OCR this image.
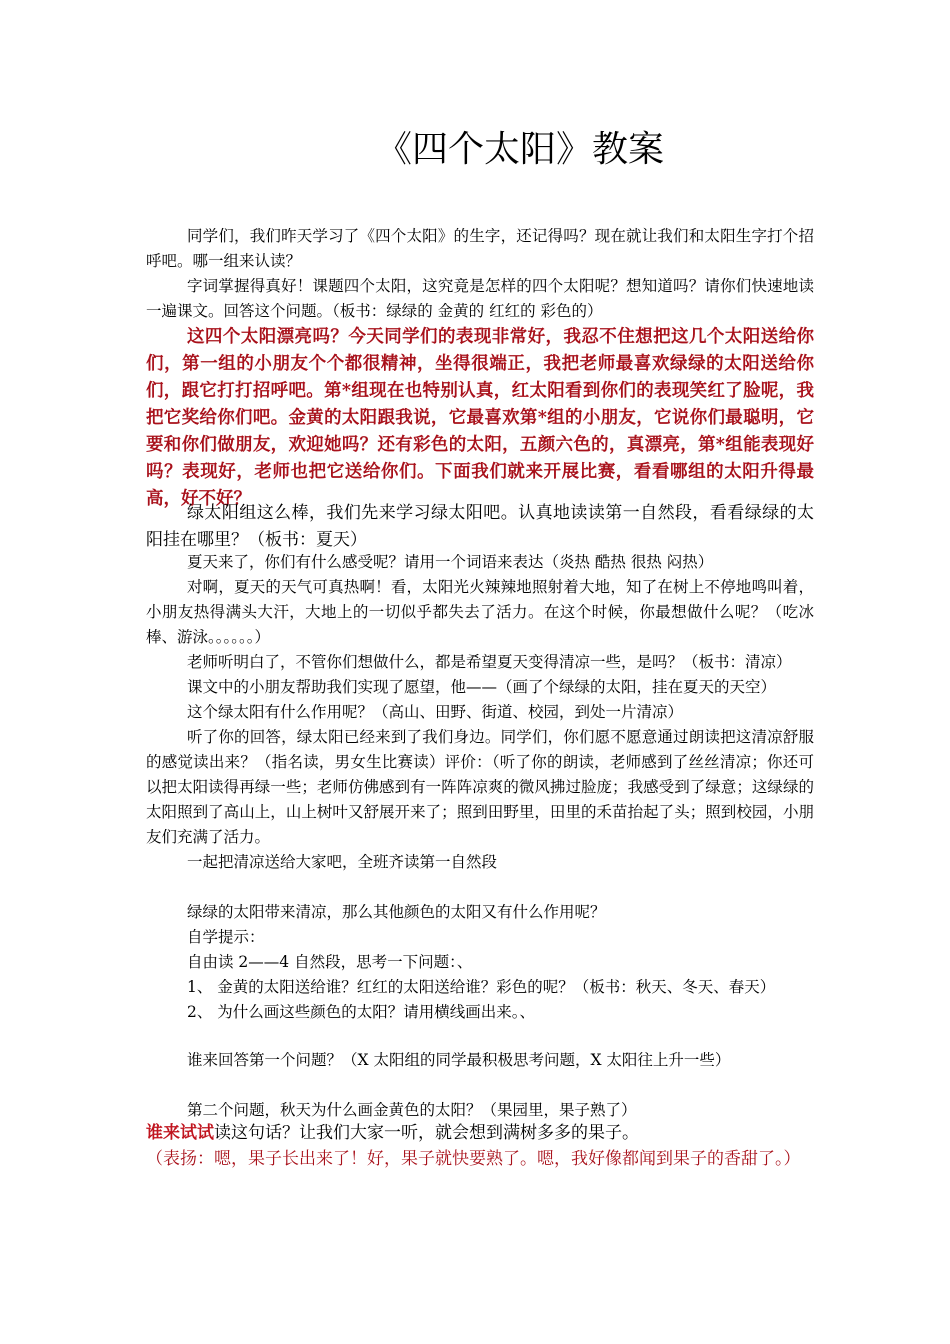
《四个太阳》教案

同学们，我们昨天学习了《四个太阳》的生字，还记得吗？现在就让我们和太阳生字打个招呼吧。哪一组来认读？

字词掌握得真好！课题四个太阳，这究竟是怎样的四个太阳呢？想知道吗？请你们快速地读一遍课文。回答这个问题。（板书：绿绿的 金黄的 红红的 彩色的）

这四个太阳漂亮吗？今天同学们的表现非常好，我忍不住想把这几个太阳送给你们，第一组的小朋友个个都很精神，坐得很端正，我把老师最喜欢绿绿的太阳送给你们，跟它打打招呼吧。第*组现在也特别认真，红太阳看到你们的表现笑红了脸呢，我把它奖给你们吧。金黄的太阳跟我说，它最喜欢第*组的小朋友，它说你们最聪明，它要和你们做朋友，欢迎她吗？还有彩色的太阳，五颜六色的，真漂亮，第*组能表现好吗？表现好，老师也把它送给你们。下面我们就来开展比赛，看看哪组的太阳升得最高，好不好？

绿太阳组这么棒，我们先来学习绿太阳吧。认真地读读第一自然段，看看绿绿的太阳挂在哪里？（板书：夏天）

夏天来了，你们有什么感受呢？请用一个词语来表达（炎热 酷热 很热 闷热）

对啊，夏天的天气可真热啊！看，太阳光火辣辣地照射着大地，知了在树上不停地鸣叫着，小朋友热得满头大汗，大地上的一切似乎都失去了活力。在这个时候，你最想做什么呢？（吃冰棒、游泳。。。。。。）

老师听明白了，不管你们想做什么，都是希望夏天变得清凉一些，是吗？（板书：清凉）

课文中的小朋友帮助我们实现了愿望，他——（画了个绿绿的太阳，挂在夏天的天空）

这个绿太阳有什么作用呢？（高山、田野、街道、校园，到处一片清凉）

听了你的回答，绿太阳已经来到了我们身边。同学们，你们愿不愿意通过朗读把这清凉舒服的感觉读出来？（指名读，男女生比赛读）评价：（听了你的朗读，老师感到了丝丝清凉；你还可以把太阳读得再绿一些；老师仿佛感到有一阵阵凉爽的微风拂过脸庞；我感受到了绿意；这绿绿的太阳照到了高山上，山上树叶又舒展开来了；照到田野里，田里的禾苗抬起了头；照到校园，小朋友们充满了活力。

一起把清凉送给大家吧，全班齐读第一自然段

绿绿的太阳带来清凉，那么其他颜色的太阳又有什么作用呢？

自学提示：

自由读 2——4 自然段，思考一下问题：、

1、 金黄的太阳送给谁？红红的太阳送给谁？彩色的呢？（板书：秋天、冬天、春天）

2、 为什么画这些颜色的太阳？请用横线画出来。、

谁来回答第一个问题？（X 太阳组的同学最积极思考问题，X 太阳往上升一些）

第二个问题，秋天为什么画金黄色的太阳？（果园里，果子熟了）

谁来试试读这句话？让我们大家一听，就会想到满树多多的果子。

（表扬：嗯，果子长出来了！好，果子就快要熟了。嗯，我好像都闻到果子的香甜了。）
